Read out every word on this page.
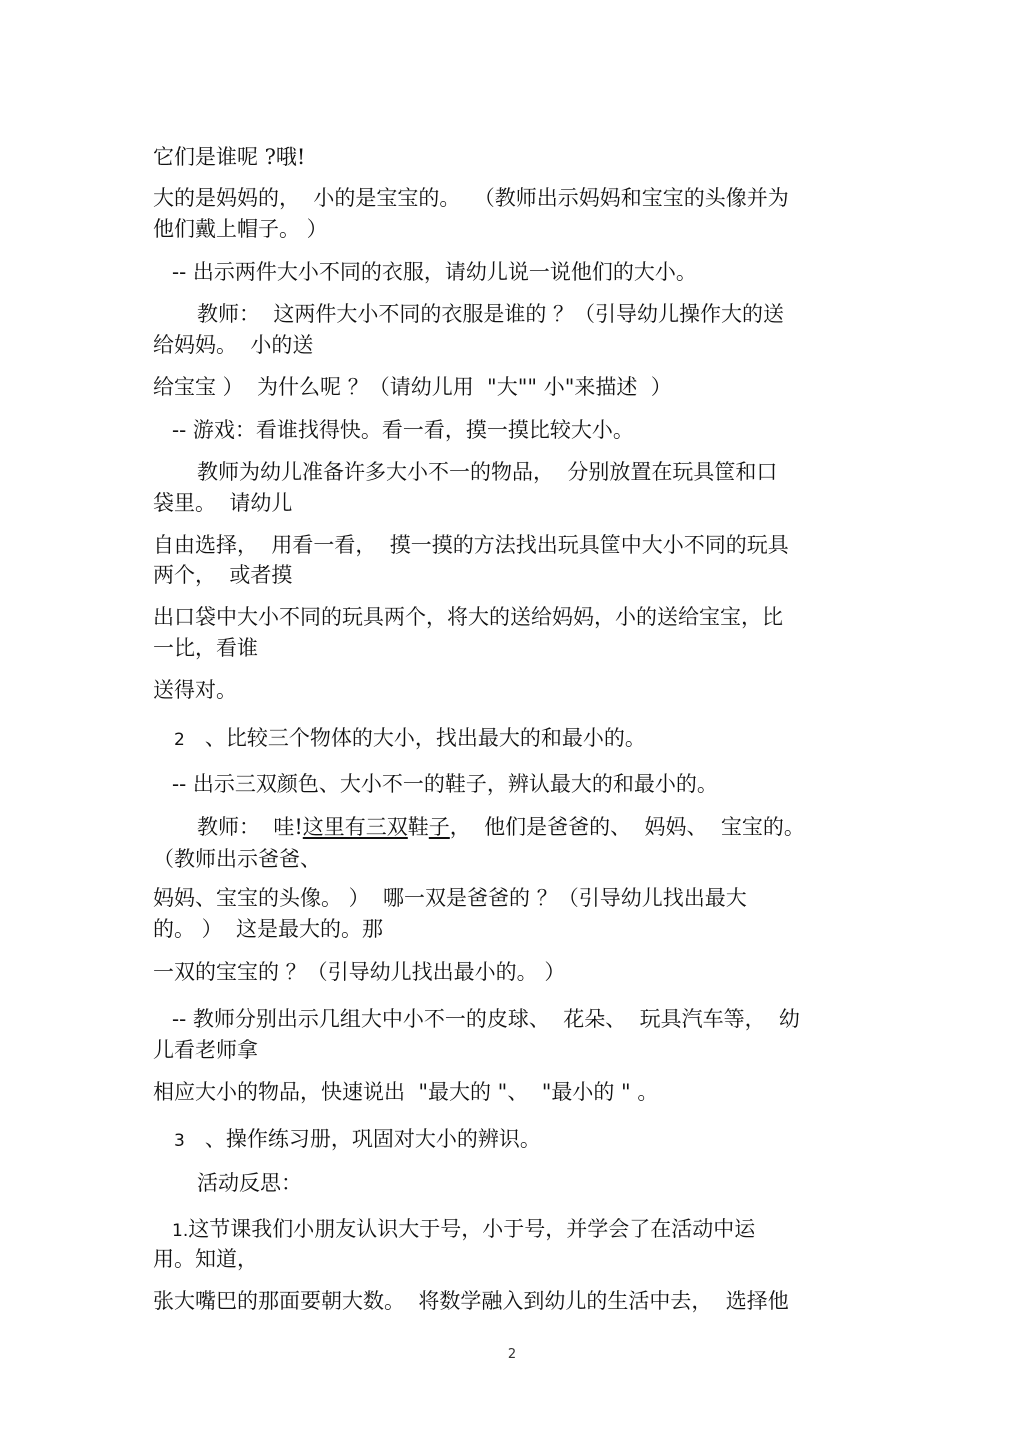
它们是谁呢 ?哦!

大的是妈妈的，  小的是宝宝的。  （教师出示妈妈和宝宝的头像并为

他们戴上帽子。 ）

-- 出示两件大小不同的衣服，请幼儿说一说他们的大小。

教师：  这两件大小不同的衣服是谁的 ？（引导幼儿操作大的送

给妈妈。  小的送

给宝宝 ）  为什么呢 ？（请幼儿用  "大"" 小"来描述  ）

-- 游戏：看谁找得快。看一看，摸一摸比较大小。

教师为幼儿准备许多大小不一的物品，  分别放置在玩具筐和口

袋里。  请幼儿

自由选择，  用看一看，  摸一摸的方法找出玩具筐中大小不同的玩具

两个，  或者摸

出口袋中大小不同的玩具两个，将大的送给妈妈，小的送给宝宝，比

一比，看谁

送得对。

2 、比较三个物体的大小，找出最大的和最小的。

-- 出示三双颜色、大小不一的鞋子，辨认最大的和最小的。

教师：  哇!这里有三双鞋子，  他们是爸爸的、  妈妈、  宝宝的。

（教师出示爸爸、

妈妈、宝宝的头像。 ）  哪一双是爸爸的 ？（引导幼儿找出最大

的。 ）  这是最大的。那

一双的宝宝的 ？（引导幼儿找出最小的。 ）

-- 教师分别出示几组大中小不一的皮球、  花朵、  玩具汽车等，  幼

儿看老师拿

相应大小的物品，快速说出  "最大的 "、  "最小的 " 。

3 、操作练习册，巩固对大小的辨识。

活动反思：

1.这节课我们小朋友认识大于号，小于号，并学会了在活动中运

用。知道，

张大嘴巴的那面要朝大数。  将数学融入到幼儿的生活中去，  选择他

2
